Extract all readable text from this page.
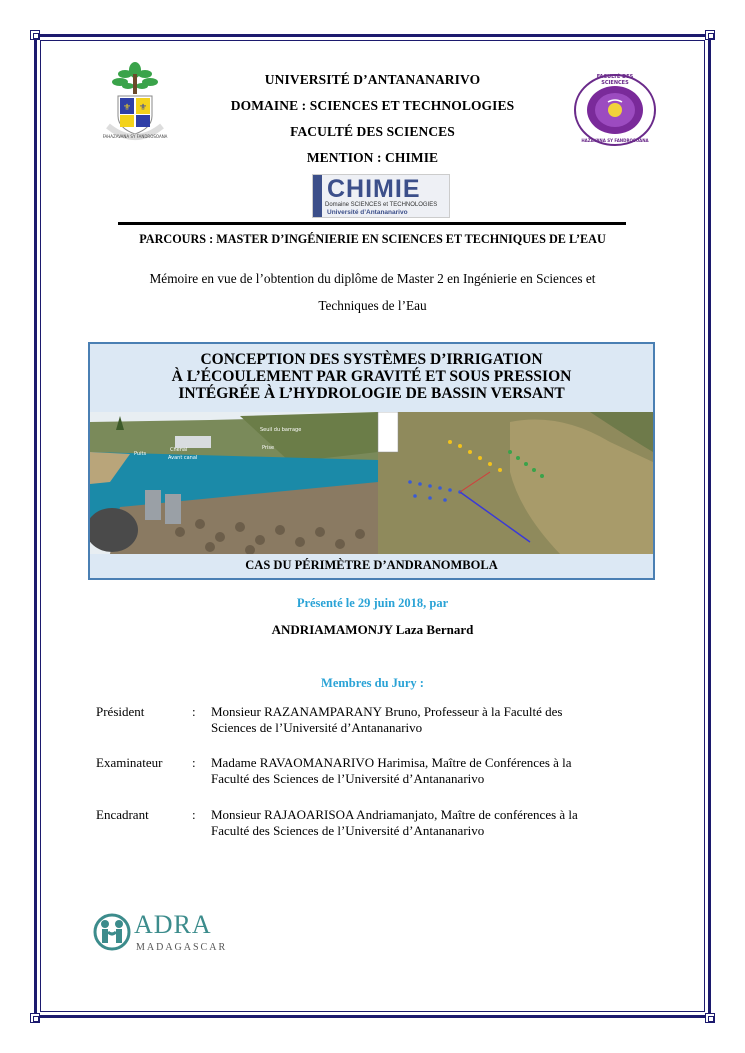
⚜ ⚜
FAHAZAVANA SY FANDROSOANA
FACULTÉ DES SCIENCES
HAZAVANA SY FANDROSOANA
UNIVERSITÉ D’ANTANANARIVO
DOMAINE : SCIENCES ET TECHNOLOGIES
FACULTÉ DES SCIENCES
MENTION : CHIMIE
Mention CHIMIE
Domaine SCIENCES et TECHNOLOGIES
Université d’Antananarivo
PARCOURS : MASTER D’INGÉNIERIE EN SCIENCES ET TECHNIQUES DE L’EAU
Mémoire en vue de l’obtention du diplôme de Master 2 en Ingénierie en Sciences et
Techniques de l’Eau
CONCEPTION DES SYSTÈMES D’IRRIGATION
À L’ÉCOULEMENT PAR GRAVITÉ ET SOUS PRESSION
INTÉGRÉE À L’HYDROLOGIE DE BASSIN VERSANT
CAS DU PÉRIMÈTRE D’ANDRANOMBOLA
Seuil du barrage
Chenal
Avant canal
Prise
Puits
Présenté le 29 juin 2018, par
ANDRIAMAMONJY Laza Bernard
Membres du Jury :
Président	: Monsieur RAZANAMPARANY Bruno, Professeur à la Faculté des
Sciences de l’Université d’Antananarivo
Examinateur : Madame RAVAOMANARIVO Harimisa, Maître de Conférences à la
Faculté des Sciences de l’Université d’Antananarivo
Encadrant	: Monsieur RAJAOARISOA Andriamanjato, Maître de conférences à la
Faculté des Sciences de l’Université d’Antananarivo
ADRA
MADAGASCAR
